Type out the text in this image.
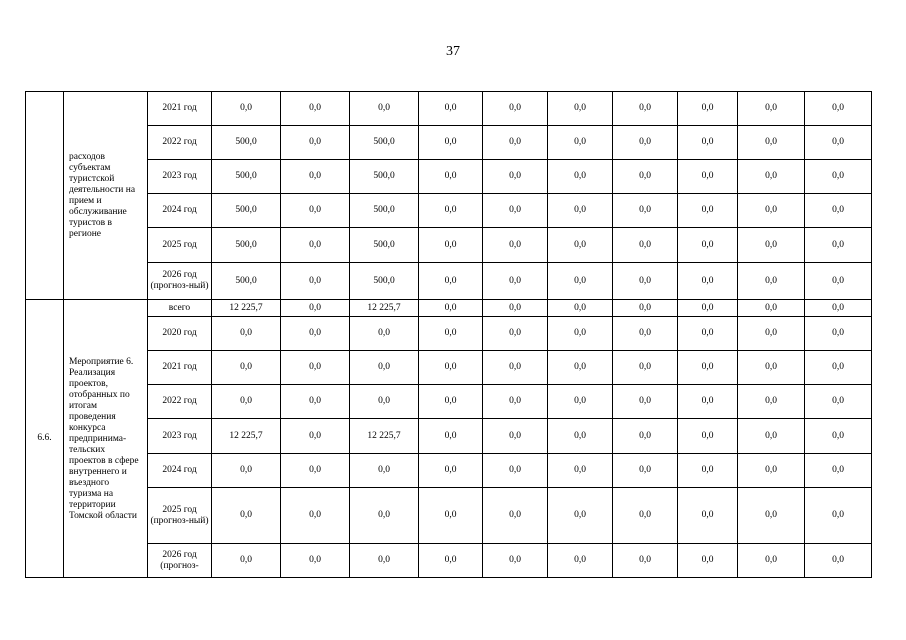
37
	расходов субъектам туристской деятельности на прием и обслуживание туристов в регионе	2021 год	0,0	0,0	0,0	0,0	0,0	0,0	0,0	0,0	0,0	0,0
		2022 год	500,0	0,0	500,0	0,0	0,0	0,0	0,0	0,0	0,0	0,0
		2023 год	500,0	0,0	500,0	0,0	0,0	0,0	0,0	0,0	0,0	0,0
		2024 год	500,0	0,0	500,0	0,0	0,0	0,0	0,0	0,0	0,0	0,0
		2025 год	500,0	0,0	500,0	0,0	0,0	0,0	0,0	0,0	0,0	0,0
		2026 год (прогноз-ный)	500,0	0,0	500,0	0,0	0,0	0,0	0,0	0,0	0,0	0,0
6.6.	Мероприятие 6. Реализация проектов, отобранных по итогам проведения конкурса предпринима-тельских проектов в сфере внутреннего и въездного туризма на территории Томской области	всего	12 225,7	0,0	12 225,7	0,0	0,0	0,0	0,0	0,0	0,0	0,0
		2020 год	0,0	0,0	0,0	0,0	0,0	0,0	0,0	0,0	0,0	0,0
		2021 год	0,0	0,0	0,0	0,0	0,0	0,0	0,0	0,0	0,0	0,0
		2022 год	0,0	0,0	0,0	0,0	0,0	0,0	0,0	0,0	0,0	0,0
		2023 год	12 225,7	0,0	12 225,7	0,0	0,0	0,0	0,0	0,0	0,0	0,0
		2024 год	0,0	0,0	0,0	0,0	0,0	0,0	0,0	0,0	0,0	0,0
		2025 год (прогноз-ный)	0,0	0,0	0,0	0,0	0,0	0,0	0,0	0,0	0,0	0,0
		2026 год (прогноз-	0,0	0,0	0,0	0,0	0,0	0,0	0,0	0,0	0,0	0,0
